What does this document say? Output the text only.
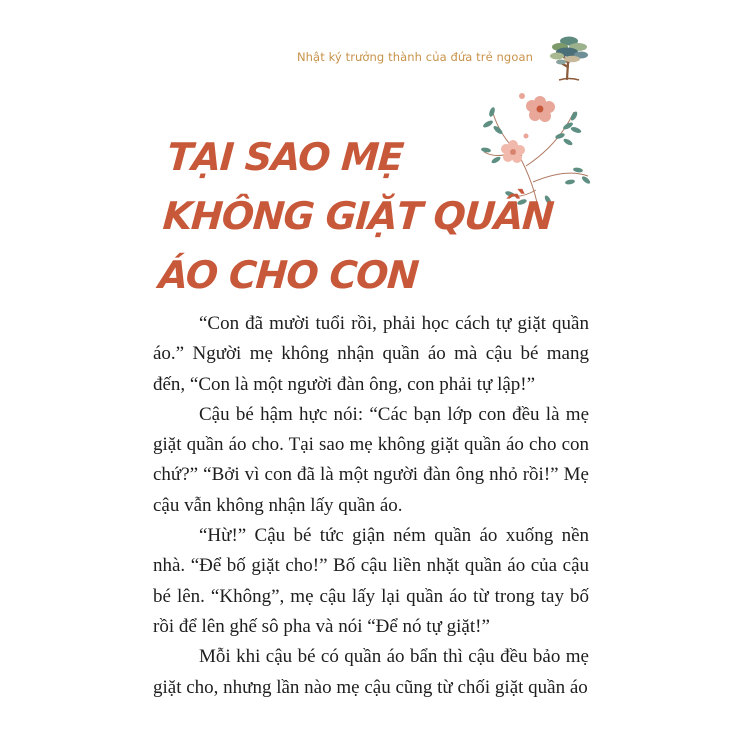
Nhật ký trưởng thành của đứa trẻ ngoan
TẠI SAO MẸ
KHÔNG GIẶT QUẦN
ÁO CHO CON

“Con đã mười tuổi rồi, phải học cách tự giặt quần áo.” Người mẹ không nhận quần áo mà cậu bé mang đến, “Con là một người đàn ông, con phải tự lập!”

Cậu bé hậm hực nói: “Các bạn lớp con đều là mẹ giặt quần áo cho. Tại sao mẹ không giặt quần áo cho con chứ?” “Bởi vì con đã là một người đàn ông nhỏ rồi!” Mẹ cậu vẫn không nhận lấy quần áo.

“Hừ!” Cậu bé tức giận ném quần áo xuống nền nhà. “Để bố giặt cho!” Bố cậu liền nhặt quần áo của cậu bé lên. “Không”, mẹ cậu lấy lại quần áo từ trong tay bố rồi để lên ghế sô pha và nói “Để nó tự giặt!”

Mỗi khi cậu bé có quần áo bẩn thì cậu đều bảo mẹ giặt cho, nhưng lần nào mẹ cậu cũng từ chối giặt quần áo
